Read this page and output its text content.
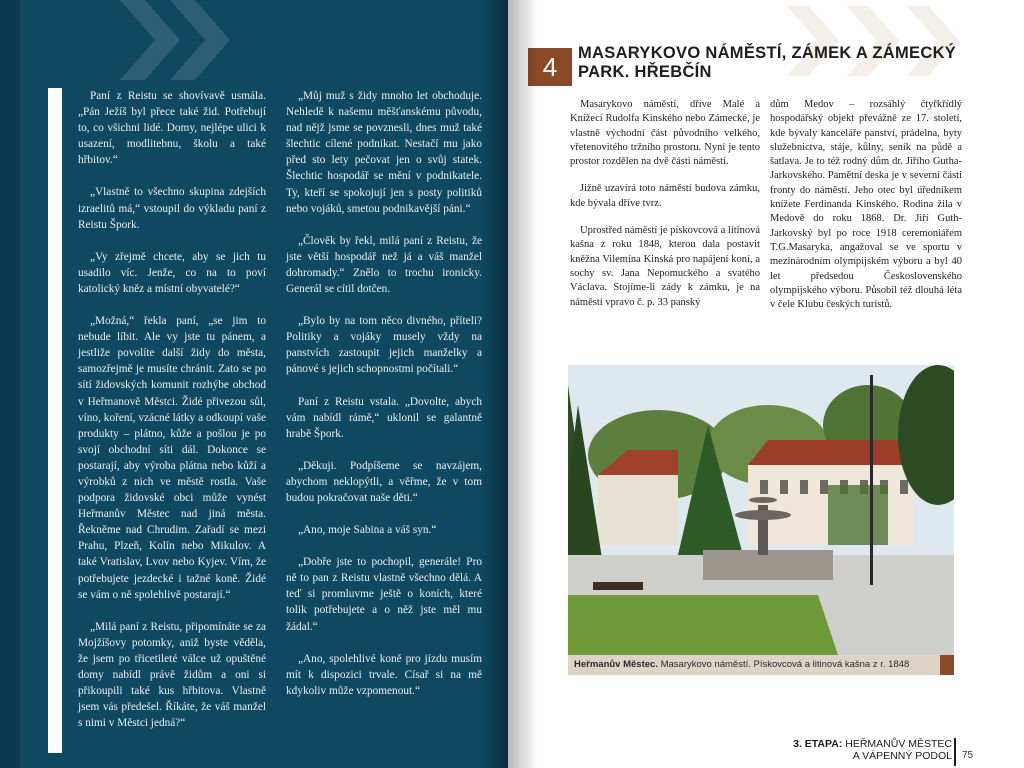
Paní z Reistu se shovívavě usmála. „Pán Ježíš byl přece také žid. Potřebují to, co všichni lidé. Domy, nejlépe ulici k usazení, modlitebnu, školu a také hřbitov.“

„Vlastně to všechno skupina zdejších izraelitů má,“ vstoupil do výkladu paní z Reistu Špork.

„Vy zřejmě chcete, aby se jich tu usadilo víc. Jenže, co na to poví katolický kněz a místní obyvatelé?“

„Možná,“ řekla paní, „se jim to nebude líbit. Ale vy jste tu pánem, a jestliže povolíte další židy do města, samozřejmě je musíte chránit. Zato se po sítí židovských komunit rozhýbe obchod v Heřmanově Městci. Židé přivezou sůl, víno, koření, vzácné látky a odkoupí vaše produkty – plátno, kůže a pošlou je po svojí obchodní síti dál. Dokonce se postarají, aby výroba plátna nebo kůží a výrobků z nich ve městě rostla. Vaše podpora židovské obci může vynést Heřmanův Městec nad jiná města. Řekněme nad Chrudim. Zařadí se mezi Prahu, Plzeň, Kolín nebo Mikulov. A také Vratislav, Lvov nebo Kyjev. Vím, že potřebujete jezdecké i tažné koně. Židé se vám o ně spolehlivě postarají.“

„Milá paní z Reistu, připomínáte se za Mojžíšovy potomky, aniž byste věděla, že jsem po třicetileté válce už opuštěné domy nabídl právě židům a oni si přikoupili také kus hřbitova. Vlastně jsem vás předešel. Říkáte, že váš manžel s nimi v Městci jedná?“

„Můj muž s židy mnoho let obchoduje. Nehledě k našemu měšťanskému původu, nad nějž jsme se povznesli, dnes muž také šlechtic cílené podnikat. Nestačí mu jako před sto lety pečovat jen o svůj statek. Šlechtic hospodář se mění v podnikatele. Ty, kteří se spokojují jen s posty politiků nebo vojáků, smetou podnikavější páni.“

„Člověk by řekl, milá paní z Reistu, že jste větší hospodář než já a váš manžel dohromady.“ Znělo to trochu ironicky. Generál se cítil dotčen.

„Bylo by na tom něco divného, příteli? Politiky a vojáky musely vždy na panstvích zastoupit jejich manželky a pánové s jejich schopnostmi počítali.“

Paní z Reistu vstala. „Dovolte, abych vám nabídl rámě,“ uklonil se galantně hrabě Špork.

„Děkuji. Podpíšeme se navzájem, abychom neklopýtli, a věřme, že v tom budou pokračovat naše děti.“

„Ano, moje Sabina a váš syn.“

„Dobře jste to pochopil, generále! Pro ně to pan z Reistu vlastně všechno dělá. A teď si promluvme ještě o koních, které tolik potřebujete a o něž jste měl mu žádal.“

„Ano, spolehlivé koně pro jízdu musím mít k dispozici trvale. Císař si na mě kdykoliv může vzpomenout.“

4	MASARYKOVO NÁMĚSTÍ, ZÁMEK A ZÁMECKÝ PARK. HŘEBČÍN

Masarykovo náměstí, dříve Malé a Knížecí Rudolfa Kinského nebo Zámecké, je vlastně východní část původního velkého, vřetenovitého tržního prostoru. Nyní je tento prostor rozdělen na dvě části náměstí.

Jižně uzavírá toto náměstí budova zámku, kde bývala dříve tvrz.

Uprostřed náměstí je pískovcová a litinová kašna z roku 1848, kterou dala postavit kněžna Vilemína Kinská pro napájení koní, a sochy sv. Jana Nepomuckého a svatého Václava. Stojíme-li zády k zámku, je na náměstí vpravo č. p. 33 panský

dům Medov – rozsáhlý čtyřkřídlý hospodářský objekt převážně ze 17. století, kde bývaly kanceláře panství, prádelna, byty služebnictva, stáje, kůlny, seník na půdě a šatlava. Je to též rodný dům dr. Jiřího Gutha-Jarkovského. Pamětní deska je v severní části fronty do náměstí. Jeho otec byl úředníkem knížete Ferdinanda Kinského. Rodina žila v Medově do roku 1868. Dr. Jiří Guth-Jarkovský byl po roce 1918 ceremoniářem T.G.Masaryka, angažoval se ve sportu v mezinárodním olympijském výboru a byl 40 let předsedou Československého olympijského výboru. Působil též dlouhá léta v čele Klubu českých turistů.

Heřmanův Městec. Masarykovo náměstí. Pískovcová a litinová kašna z r. 1848
3. ETAPA: HEŘMANŮV MĚSTEC
A VÁPENNÝ PODOL 75
